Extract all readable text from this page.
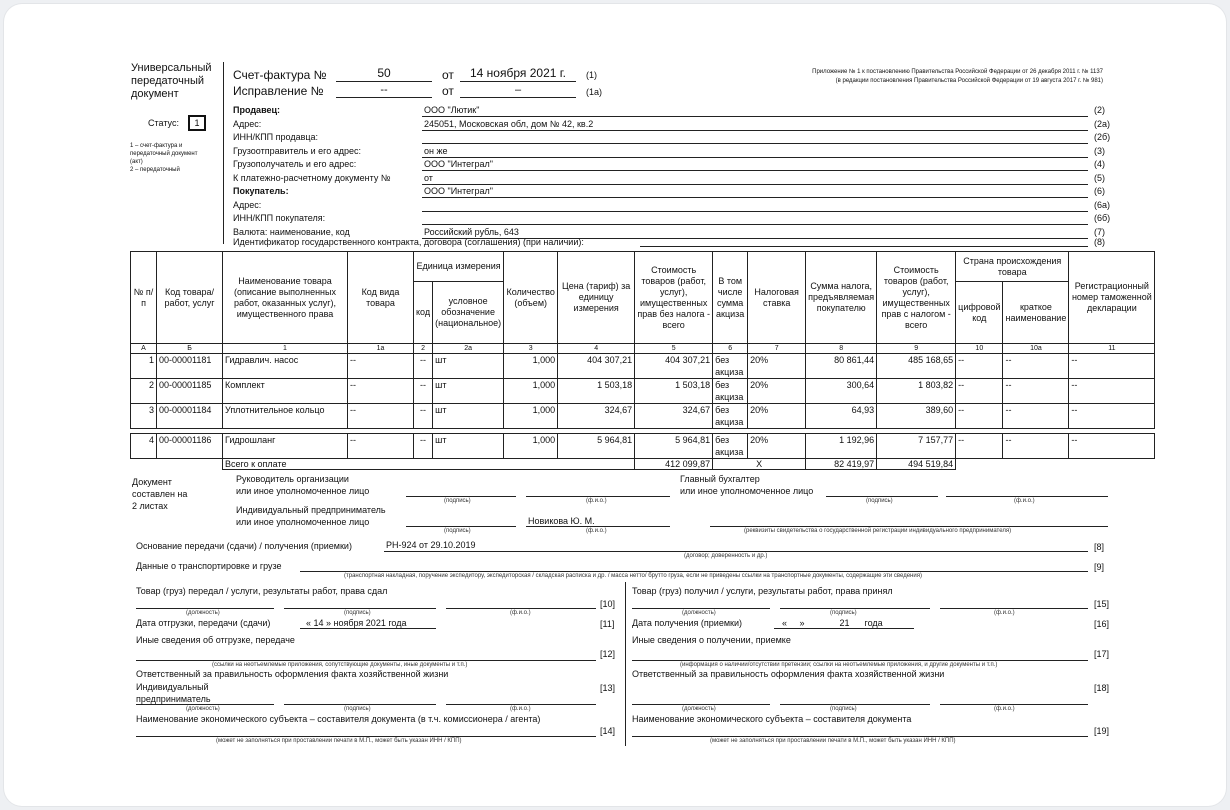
Универсальный
передаточный
документ
Статус:	1
1 – счет-фактура и
передаточный документ
(акт)
2 – передаточный
Счет-фактура №	50	от	14 ноября 2021 г.	(1)
Исправление №	--	от	–	(1а)
Приложение № 1 к постановлению Правительства Российской Федерации от 26 декабря 2011 г. № 1137
(в редакции постановления Правительства Российской Федерации от 19 августа 2017 г. № 981)
Продавец:	ООО "Лютик"	(2)
Адрес:	245051, Московская обл, дом № 42, кв.2	(2а)
ИНН/КПП продавца:	(2б)
Грузоотправитель и его адрес:	он же	(3)
Грузополучатель и его адрес:	ООО "Интеграл"	(4)
К платежно-расчетному документу №	от	(5)
Покупатель:	ООО "Интеграл"	(6)
Адрес:	(6а)
ИНН/КПП покупателя:	(6б)
Валюта: наименование, код	Российский рубль, 643	(7)
Идентификатор государственного контракта, договора (соглашения) (при наличии):	(8)
№ п/п	Код товара/ работ, услуг	Наименование товара (описание выполненных работ, оказанных услуг), имущественного права	Код вида товара	Единица измерения		Количество (объем)	Цена (тариф) за единицу измерения	Стоимость товаров (работ, услуг), имущественных прав без налога - всего	В том числе сумма акциза	Налоговая ставка	Сумма налога, предъявляемая покупателю	Стоимость товаров (работ, услуг), имущественных прав с налогом - всего	Страна происхождения товара		Регистрационный номер таможенной декларации
				код	условное обозначение (национальное)								цифровой код	краткое наименование	
А	Б	1	1а	2	2а	3	4	5	6	7	8	9	10	10а	11
1	00-00001181	Гидравлич. насос	--	--	шт	1,000	404 307,21	404 307,21	без акциза	20%	80 861,44	485 168,65	--	--	--
2	00-00001185	Комплект	--	--	шт	1,000	1 503,18	1 503,18	без акциза	20%	300,64	1 803,82	--	--	--
3	00-00001184	Уплотнительное кольцо	--	--	шт	1,000	324,67	324,67	без акциза	20%	64,93	389,60	--	--	--

4	00-00001186	Гидрошланг	--	--	шт	1,000	5 964,81	5 964,81	без акциза	20%	1 192,96	7 157,77	--	--	--
		Всего к оплате						412 099,87	Х		82 419,97	494 519,84			
Документ
составлен на
2 листах
Руководитель организации
или иное уполномоченное лицо
(подпись)	(ф.и.о.)
Главный бухгалтер
или иное уполномоченное лицо
(подпись)	(ф.и.о.)
Индивидуальный предприниматель
или иное уполномоченное лицо
(подпись)
Новикова Ю. М.
(ф.и.о.)	(реквизиты свидетельства о государственной регистрации индивидуального предпринимателя)
Основание передачи (сдачи) / получения (приемки)	РН-924 от 29.10.2019	[8]
(договор; доверенность и др.)
Данные о транспортировке и грузе	[9]
(транспортная накладная, поручение экспедитору, экспедиторская / складская расписка и др. / масса нетто/ брутто груза, если не приведены ссылки на транспортные документы, содержащие эти сведения)
Товар (груз) передал / услуги, результаты работ, права сдал
[10]
(должность)	(подпись)	(ф.и.о.)
Дата отгрузки, передачи (сдачи)	« 14 » ноября 2021 года	[11]
Иные сведения об отгрузке, передаче
[12]
(ссылки на неотъемлемые приложения, сопутствующие документы, иные документы и т.п.)
Ответственный за правильность оформления факта хозяйственной жизни
Индивидуальный
предприниматель
[13]
(должность)	(подпись)	(ф.и.о.)
Наименование экономического субъекта – составителя документа (в т.ч. комиссионера / агента)
[14]
(может не заполняться при проставлении печати в М.П., может быть указан ИНН / КПП)
Товар (груз) получил / услуги, результаты работ, права принял
[15]
(должность)	(подпись)	(ф.и.о.)
Дата получения (приемки)	«     »              21      года	[16]
Иные сведения о получении, приемке
[17]
(информация о наличии/отсутствии претензии; ссылки на неотъемлемые приложения, и другие документы и т.п.)
Ответственный за правильность оформления факта хозяйственной жизни
[18]
(должность)	(подпись)	(ф.и.о.)
Наименование экономического субъекта – составителя документа
[19]
(может не заполняться при проставлении печати в М.П., может быть указан ИНН / КПП)
